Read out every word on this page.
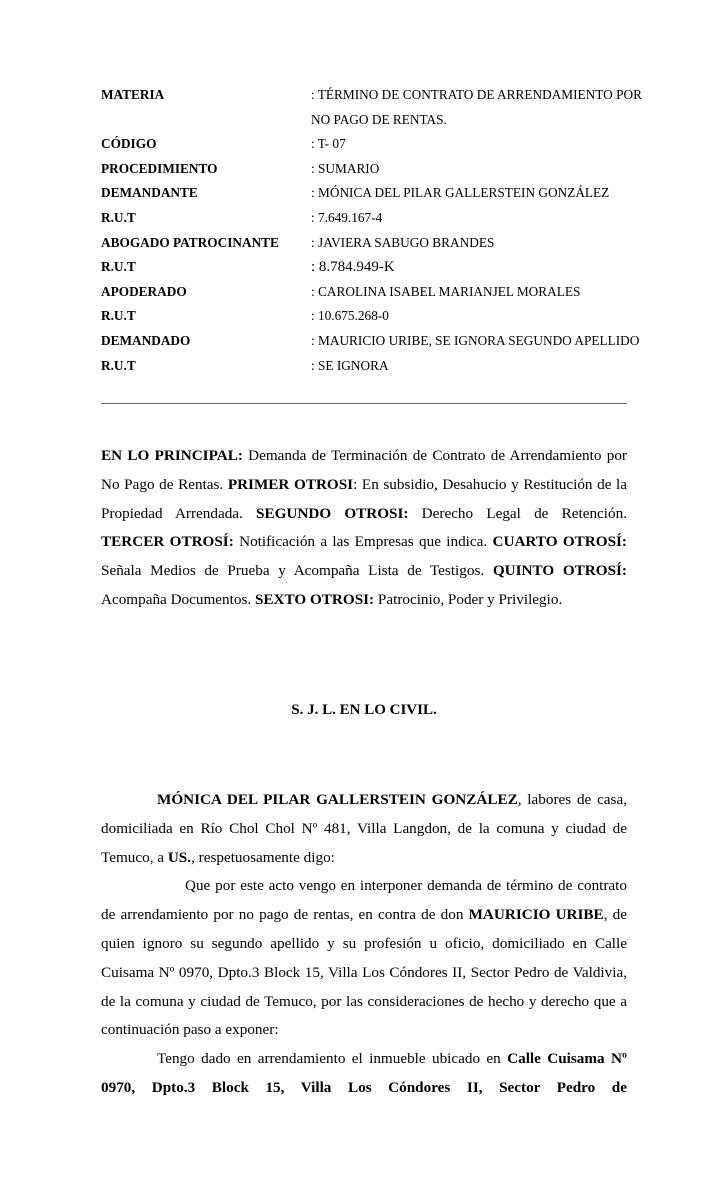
MATERIA	: TÉRMINO DE CONTRATO DE ARRENDAMIENTO POR
NO PAGO DE RENTAS.
CÓDIGO	: T- 07
PROCEDIMIENTO	: SUMARIO
DEMANDANTE	: MÓNICA DEL PILAR GALLERSTEIN GONZÁLEZ
R.U.T	: 7.649.167-4
ABOGADO PATROCINANTE	: JAVIERA SABUGO BRANDES
R.U.T	: 8.784.949-K
APODERADO	: CAROLINA ISABEL MARIANJEL MORALES
R.U.T	: 10.675.268-0
DEMANDADO	: MAURICIO URIBE, SE IGNORA SEGUNDO APELLIDO
R.U.T	: SE IGNORA
EN LO PRINCIPAL: Demanda de Terminación de Contrato de Arrendamiento por No Pago de Rentas. PRIMER OTROSI: En subsidio, Desahucio y Restitución de la Propiedad Arrendada. SEGUNDO OTROSI: Derecho Legal de Retención. TERCER OTROSÍ: Notificación a las Empresas que indica. CUARTO OTROSÍ: Señala Medios de Prueba y Acompaña Lista de Testigos. QUINTO OTROSÍ: Acompaña Documentos. SEXTO OTROSI: Patrocinio, Poder y Privilegio.
S. J. L. EN LO CIVIL.

MÓNICA DEL PILAR GALLERSTEIN GONZÁLEZ, labores de casa, domiciliada en Río Chol Chol Nº 481, Villa Langdon, de la comuna y ciudad de Temuco, a US., respetuosamente digo:

Que por este acto vengo en interponer demanda de término de contrato de arrendamiento por no pago de rentas, en contra de don MAURICIO URIBE, de quien ignoro su segundo apellido y su profesión u oficio, domiciliado en Calle Cuisama Nº 0970, Dpto.3 Block 15, Villa Los Cóndores II, Sector Pedro de Valdivia, de la comuna y ciudad de Temuco, por las consideraciones de hecho y derecho que a continuación paso a exponer:

Tengo dado en arrendamiento el inmueble ubicado en Calle Cuisama Nº 0970, Dpto.3 Block 15, Villa Los Cóndores II, Sector Pedro de
